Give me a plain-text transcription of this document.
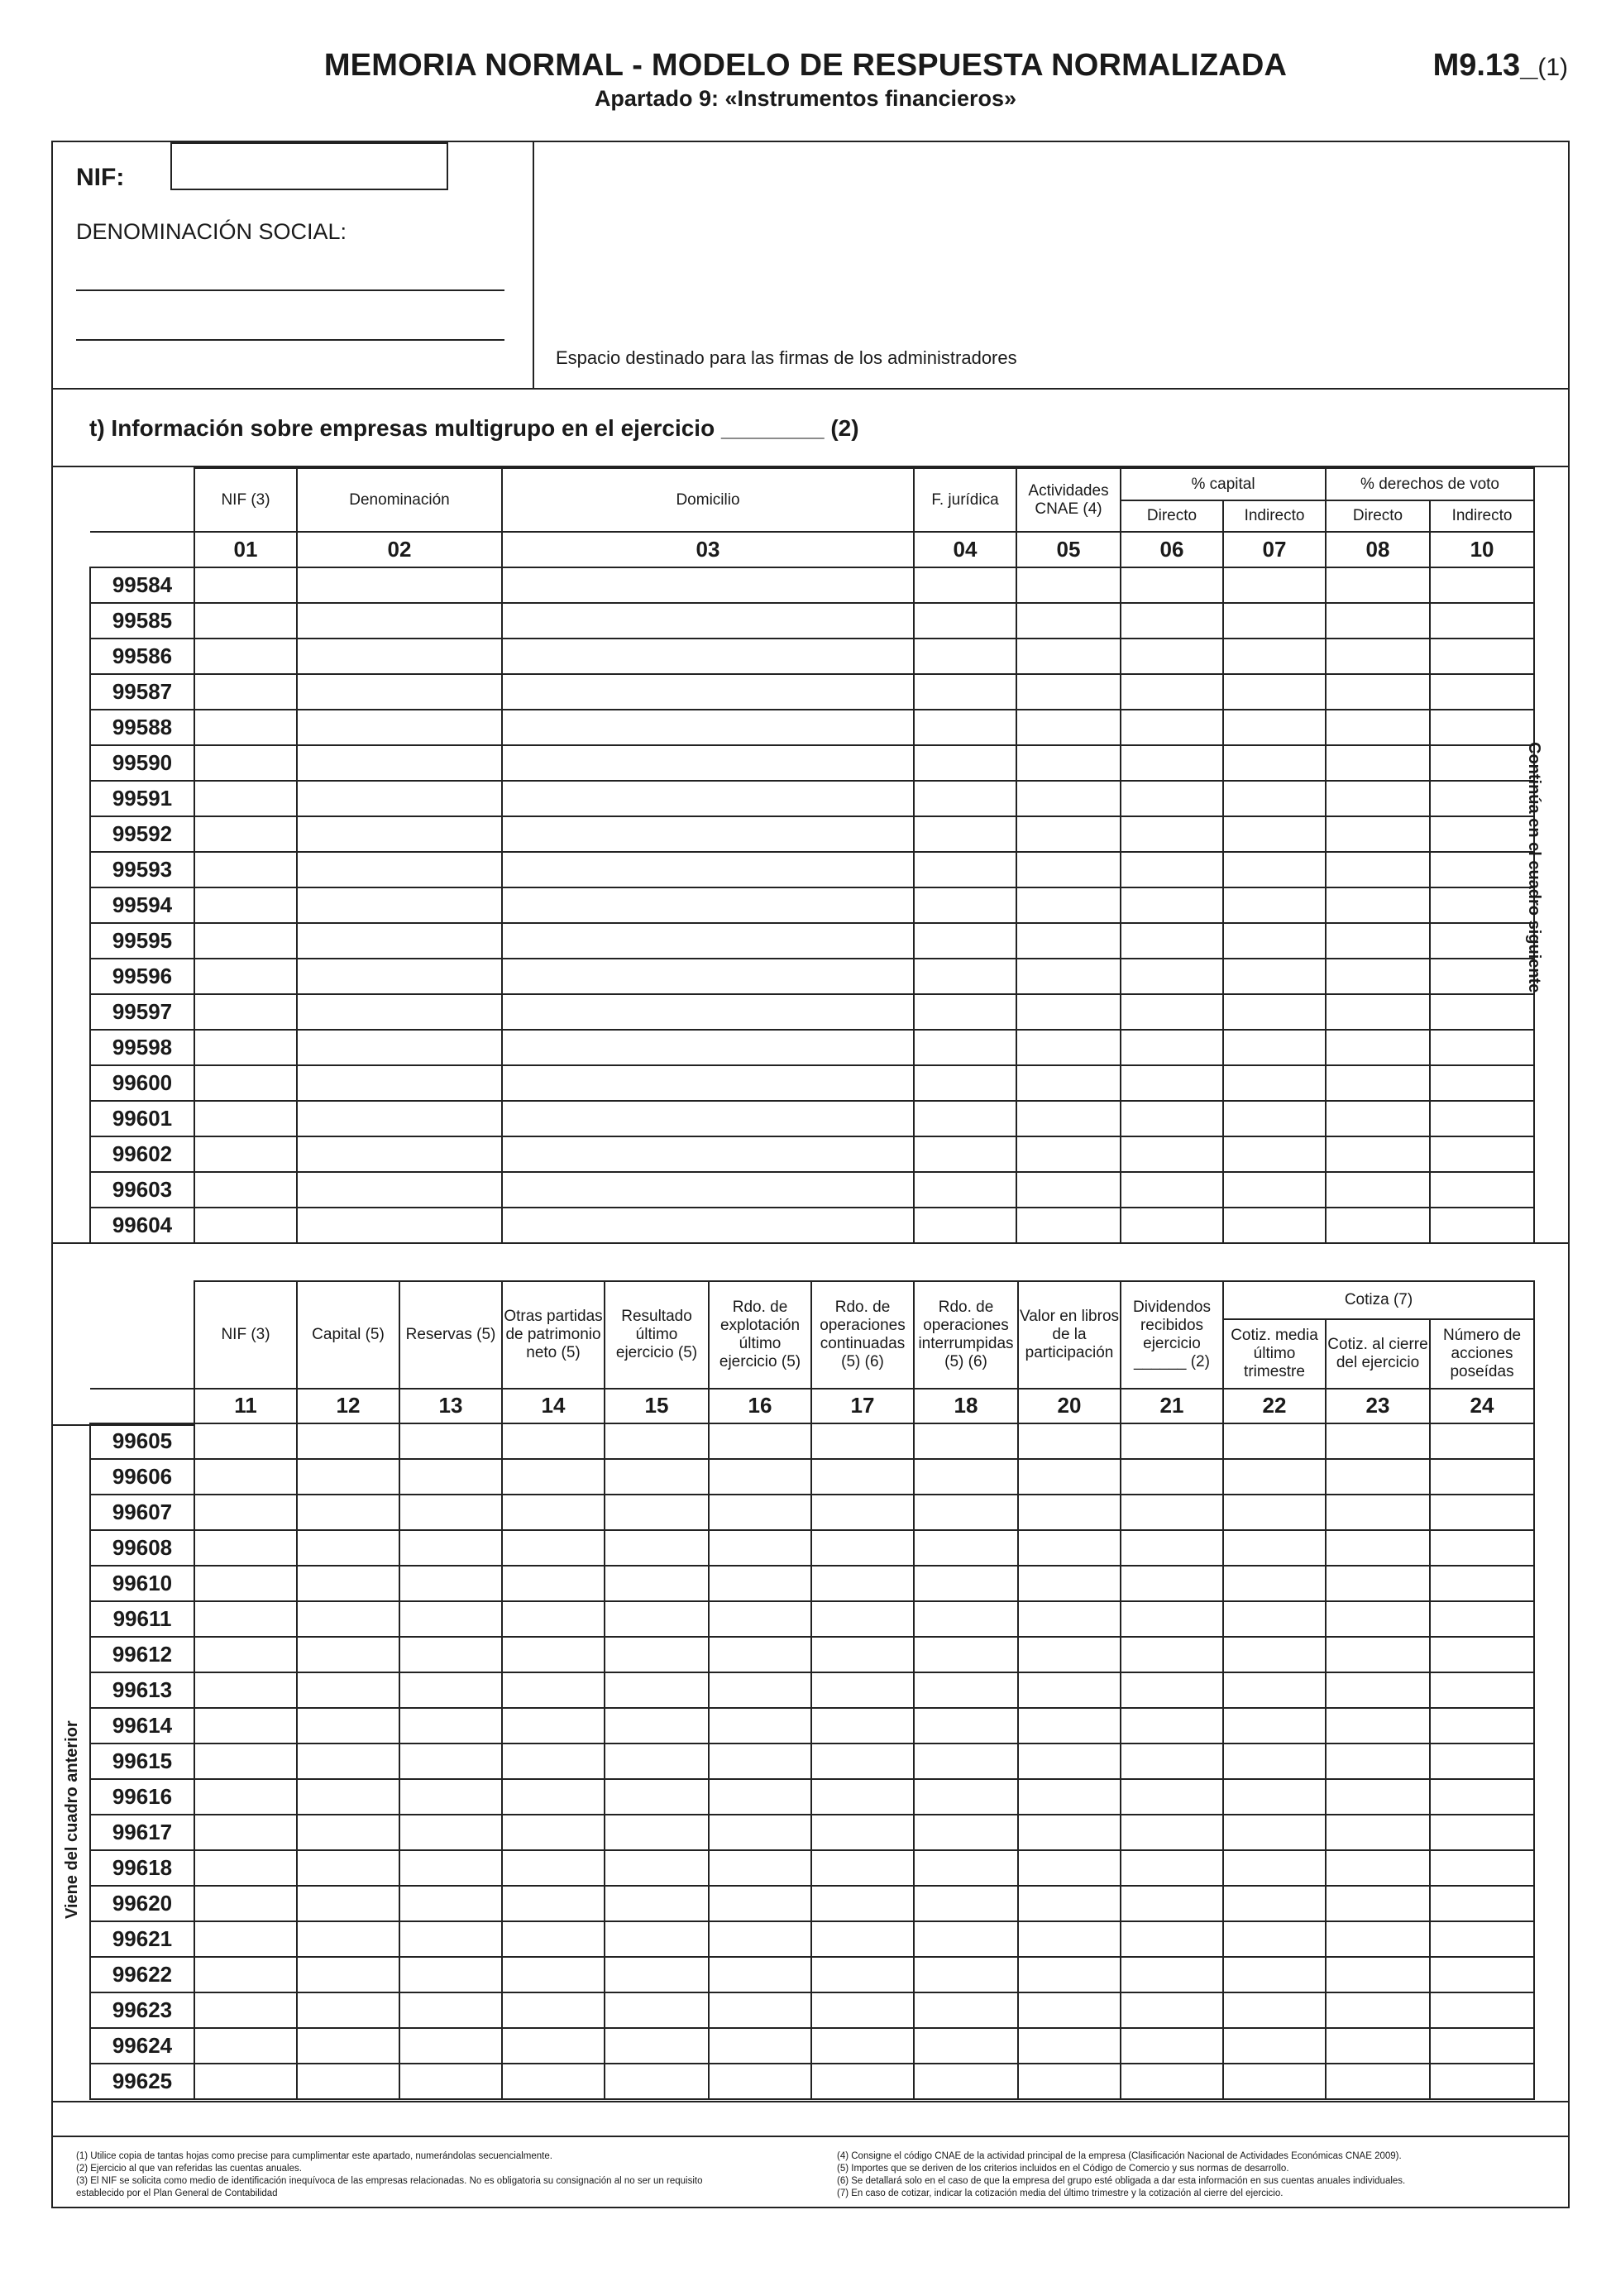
MEMORIA NORMAL - MODELO DE RESPUESTA NORMALIZADA
Apartado 9: «Instrumentos financieros»
M9.13_(1)
NIF:
DENOMINACIÓN SOCIAL:
Espacio destinado para las firmas de los administradores
t) Información sobre empresas multigrupo en el ejercicio ________ (2)
	NIF (3)	Denominación	Domicilio	F. jurídica	Actividades CNAE (4)	% capital		% derechos de voto	
						Directo	Indirecto	Directo	Indirecto
	01	02	03	04	05	06	07	08	10
99584									
99585									
99586									
99587									
99588									
99590									
99591									
99592									
99593									
99594									
99595									
99596									
99597									
99598									
99600									
99601									
99602									
99603									
99604									
	NIF (3)	Capital (5)	Reservas (5)	Otras partidas de patrimonio neto (5)	Resultado último ejercicio (5)	Rdo. de explotación último ejercicio (5)	Rdo. de operaciones continuadas (5) (6)	Rdo. de operaciones interrumpidas (5) (6)	Valor en libros de la participación	Dividendos recibidos ejercicio ______ (2)	Cotiza (7)		
											Cotiz. media último trimestre	Cotiz. al cierre del ejercicio	Número de acciones poseídas
	11	12	13	14	15	16	17	18	20	21	22	23	24
99605													
99606													
99607													
99608													
99610													
99611													
99612													
99613													
99614													
99615													
99616													
99617													
99618													
99620													
99621													
99622													
99623													
99624													
99625													
Continúa en el cuadro siguiente
Viene del cuadro anterior
(1) Utilice copia de tantas hojas como precise para cumplimentar este apartado, numerándolas secuencialmente.
(2) Ejercicio al que van referidas las cuentas anuales.
(3) El NIF se solicita como medio de identificación inequívoca de las empresas relacionadas. No es obligatoria su consignación al no ser un requisito
establecido por el Plan General de Contabilidad
(4) Consigne el código CNAE de la actividad principal de la empresa (Clasificación Nacional de Actividades Económicas CNAE 2009).
(5) Importes que se deriven de los criterios incluidos en el Código de Comercio y sus normas de desarrollo.
(6) Se detallará solo en el caso de que la empresa del grupo esté obligada a dar esta información en sus cuentas anuales individuales.
(7) En caso de cotizar, indicar la cotización media del último trimestre y la cotización al cierre del ejercicio.
